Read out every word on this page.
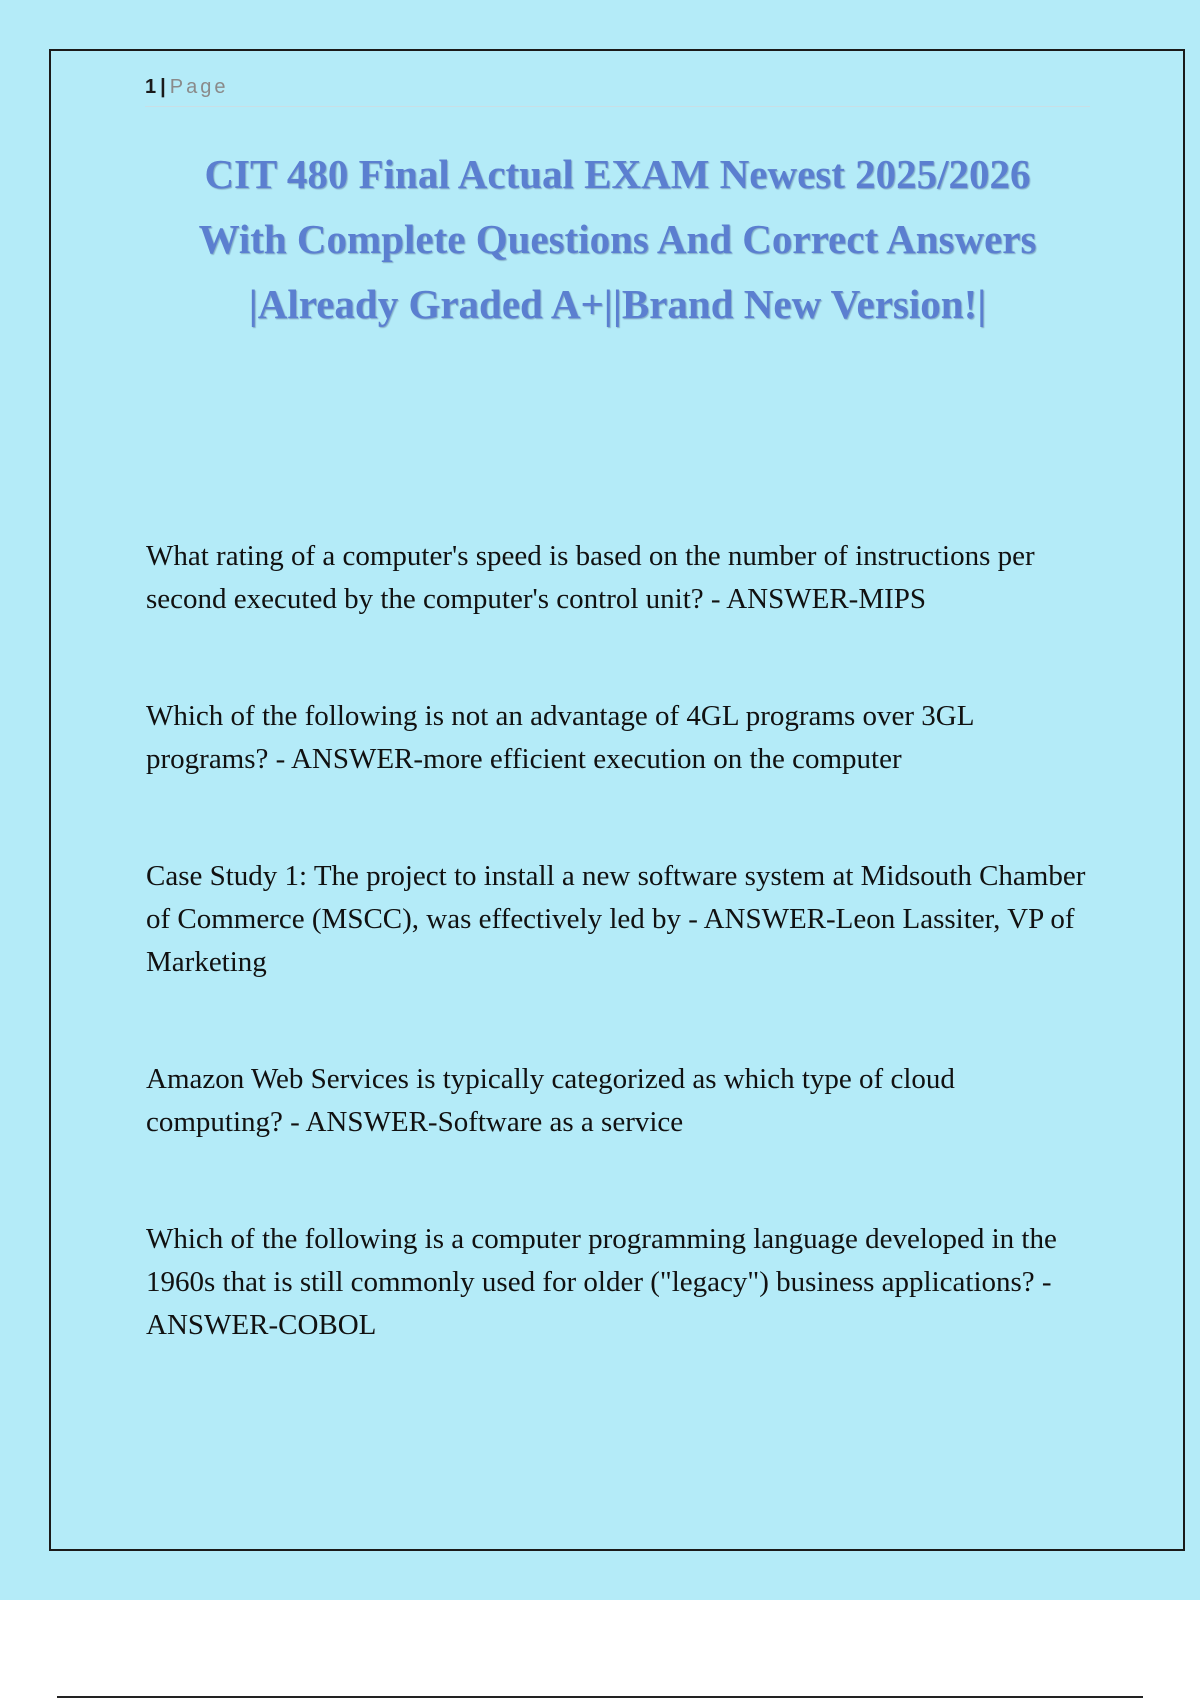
1 | Page
CIT 480 Final Actual EXAM Newest 2025/2026
With Complete Questions And Correct Answers
|Already Graded A+||Brand New Version!|
What rating of a computer's speed is based on the number of instructions per second executed by the computer's control unit? - ANSWER-MIPS
Which of the following is not an advantage of 4GL programs over 3GL programs? - ANSWER-more efficient execution on the computer
Case Study 1: The project to install a new software system at Midsouth Chamber of Commerce (MSCC), was effectively led by - ANSWER-Leon Lassiter, VP of Marketing
Amazon Web Services is typically categorized as which type of cloud computing? - ANSWER-Software as a service
Which of the following is a computer programming language developed in the 1960s that is still commonly used for older ("legacy") business applications? - ANSWER-COBOL
